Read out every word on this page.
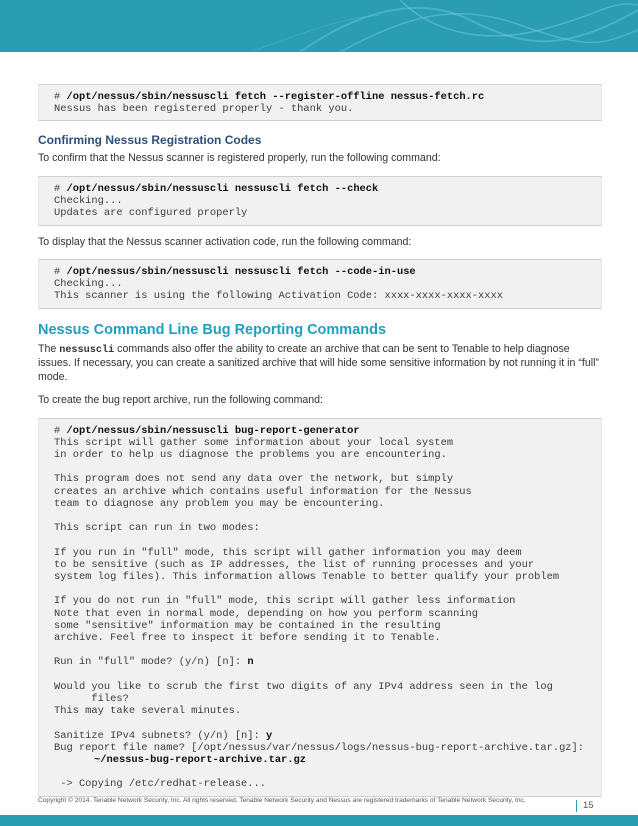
# /opt/nessus/sbin/nessuscli fetch --register-offline nessus-fetch.rc
Nessus has been registered properly - thank you.
Confirming Nessus Registration Codes

To confirm that the Nessus scanner is registered properly, run the following command:

# /opt/nessus/sbin/nessuscli nessuscli fetch --check
Checking...
Updates are configured properly

To display that the Nessus scanner activation code, run the following command:

# /opt/nessus/sbin/nessuscli nessuscli fetch --code-in-use
Checking...
This scanner is using the following Activation Code: xxxx-xxxx-xxxx-xxxx
Nessus Command Line Bug Reporting Commands

The nessuscli commands also offer the ability to create an archive that can be sent to Tenable to help diagnose issues. If necessary, you can create a sanitized archive that will hide some sensitive information by not running it in “full” mode.

To create the bug report archive, run the following command:

# /opt/nessus/sbin/nessuscli bug-report-generator
This script will gather some information about your local system
in order to help us diagnose the problems you are encountering.
This program does not send any data over the network, but simply
creates an archive which contains useful information for the Nessus
team to diagnose any problem you may be encountering.
This script can run in two modes:
If you run in "full" mode, this script will gather information you may deem
to be sensitive (such as IP addresses, the list of running processes and your
system log files). This information allows Tenable to better qualify your problem
If you do not run in "full" mode, this script will gather less information
Note that even in normal mode, depending on how you perform scanning
some "sensitive" information may be contained in the resulting
archive. Feel free to inspect it before sending it to Tenable.
Run in "full" mode? (y/n) [n]: n
Would you like to scrub the first two digits of any IPv4 address seen in the log
files?
This may take several minutes.
Sanitize IPv4 subnets? (y/n) [n]: y
Bug report file name? [/opt/nessus/var/nessus/logs/nessus-bug-report-archive.tar.gz]:
~/nessus-bug-report-archive.tar.gz
-> Copying /etc/redhat-release...
Copyright © 2014. Tenable Network Security, Inc. All rights reserved. Tenable Network Security and Nessus are registered trademarks of Tenable Network Security, Inc.	15
